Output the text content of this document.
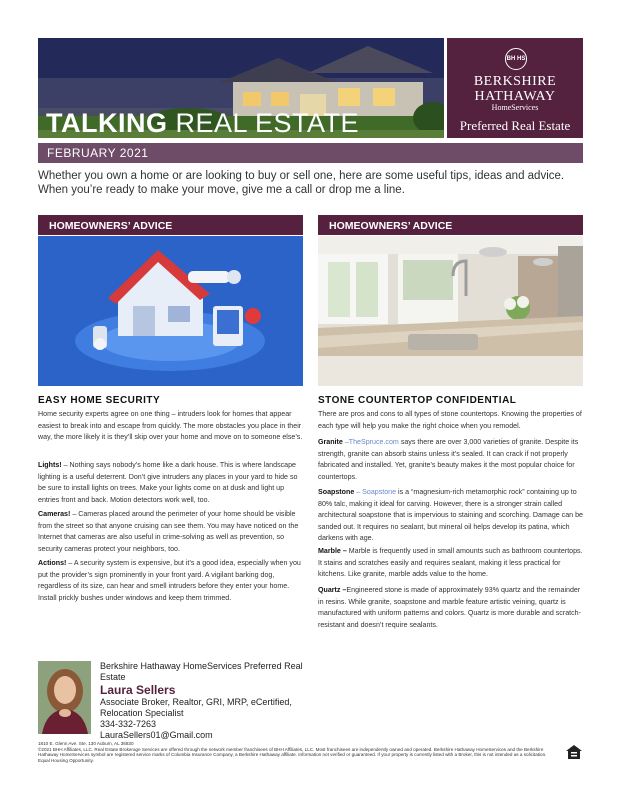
TALKING REAL ESTATE
BH HS
BERKSHIRE
HATHAWAY
HomeServices
Preferred Real Estate
FEBRUARY 2021
Whether you own a home or are looking to buy or sell one, here are some useful tips, ideas and advice. When you’re ready to make your move, give me a call or drop me a line.
HOMEOWNERS’ ADVICE
EASY HOME SECURITY

Home security experts agree on one thing – intruders look for homes that appear easiest to break into and escape from quickly. The more obstacles you place in their way, the more likely it is they’ll skip over your home and move on to someone else’s.

Lights! – Nothing says nobody’s home like a dark house. This is where landscape lighting is a useful deterrent. Don’t give intruders any places in your yard to hide so be sure to install lights on trees. Make your lights come on at dusk and light up entries front and back. Motion detectors work well, too.

Cameras! – Cameras placed around the perimeter of your home should be visible from the street so that anyone cruising can see them. You may have noticed on the Internet that cameras are also useful in crime-solving as well as prevention, so security cameras protect your neighbors, too.

Actions! – A security system is expensive, but it’s a good idea, especially when you put the provider’s sign prominently in your front yard. A vigilant barking dog, regardless of its size, can hear and smell intruders before they enter your home. Install prickly bushes under windows and keep them trimmed.

HOMEOWNERS’ ADVICE
STONE COUNTERTOP CONFIDENTIAL

There are pros and cons to all types of stone countertops. Knowing the properties of each type will help you make the right choice when you remodel.

Granite –TheSpruce.com says there are over 3,000 varieties of granite. Despite its strength, granite can absorb stains unless it’s sealed. It can crack if not properly fabricated and installed. Yet, granite’s beauty makes it the most popular choice for countertops.

Soapstone – Soapstone is a “magnesium-rich metamorphic rock” containing up to 80% talc, making it ideal for carving. However, there is a stronger strain called architectural soapstone that is impervious to staining and scorching. Damage can be sanded out. It requires no sealant, but mineral oil helps develop its patina, which darkens with age.

Marble – Marble is frequently used in small amounts such as bathroom countertops. It stains and scratches easily and requires sealant, making it less practical for kitchens. Like granite, marble adds value to the home.

Quartz –Engineered stone is made of approximately 93% quartz and the remainder in resins. While granite, soapstone and marble feature artistic veining, quartz is manufactured with uniform patterns and colors. Quartz is more durable and scratch-resistant and doesn’t require sealants.

Berkshire Hathaway HomeServices Preferred Real
Estate
Laura Sellers
Associate Broker, Realtor, GRI, MRP, eCertified,
Relocation Specialist
334-332-7263
LauraSellers01@Gmail.com
1810 E. Glenn Ave. Ste. 130 Auburn, AL 36830
©2021 BHH Affiliates, LLC. Real Estate Brokerage Services are offered through the network member franchisees of BHH Affiliates, LLC. Most franchisees are independently owned and operated. Berkshire Hathaway HomeServices and the Berkshire Hathaway HomeServices symbol are registered service marks of Columbia Insurance Company, a Berkshire Hathaway affiliate. Information not verified or guaranteed. If your property is currently listed with a Broker, this is not intended as a solicitation. Equal Housing Opportunity.
